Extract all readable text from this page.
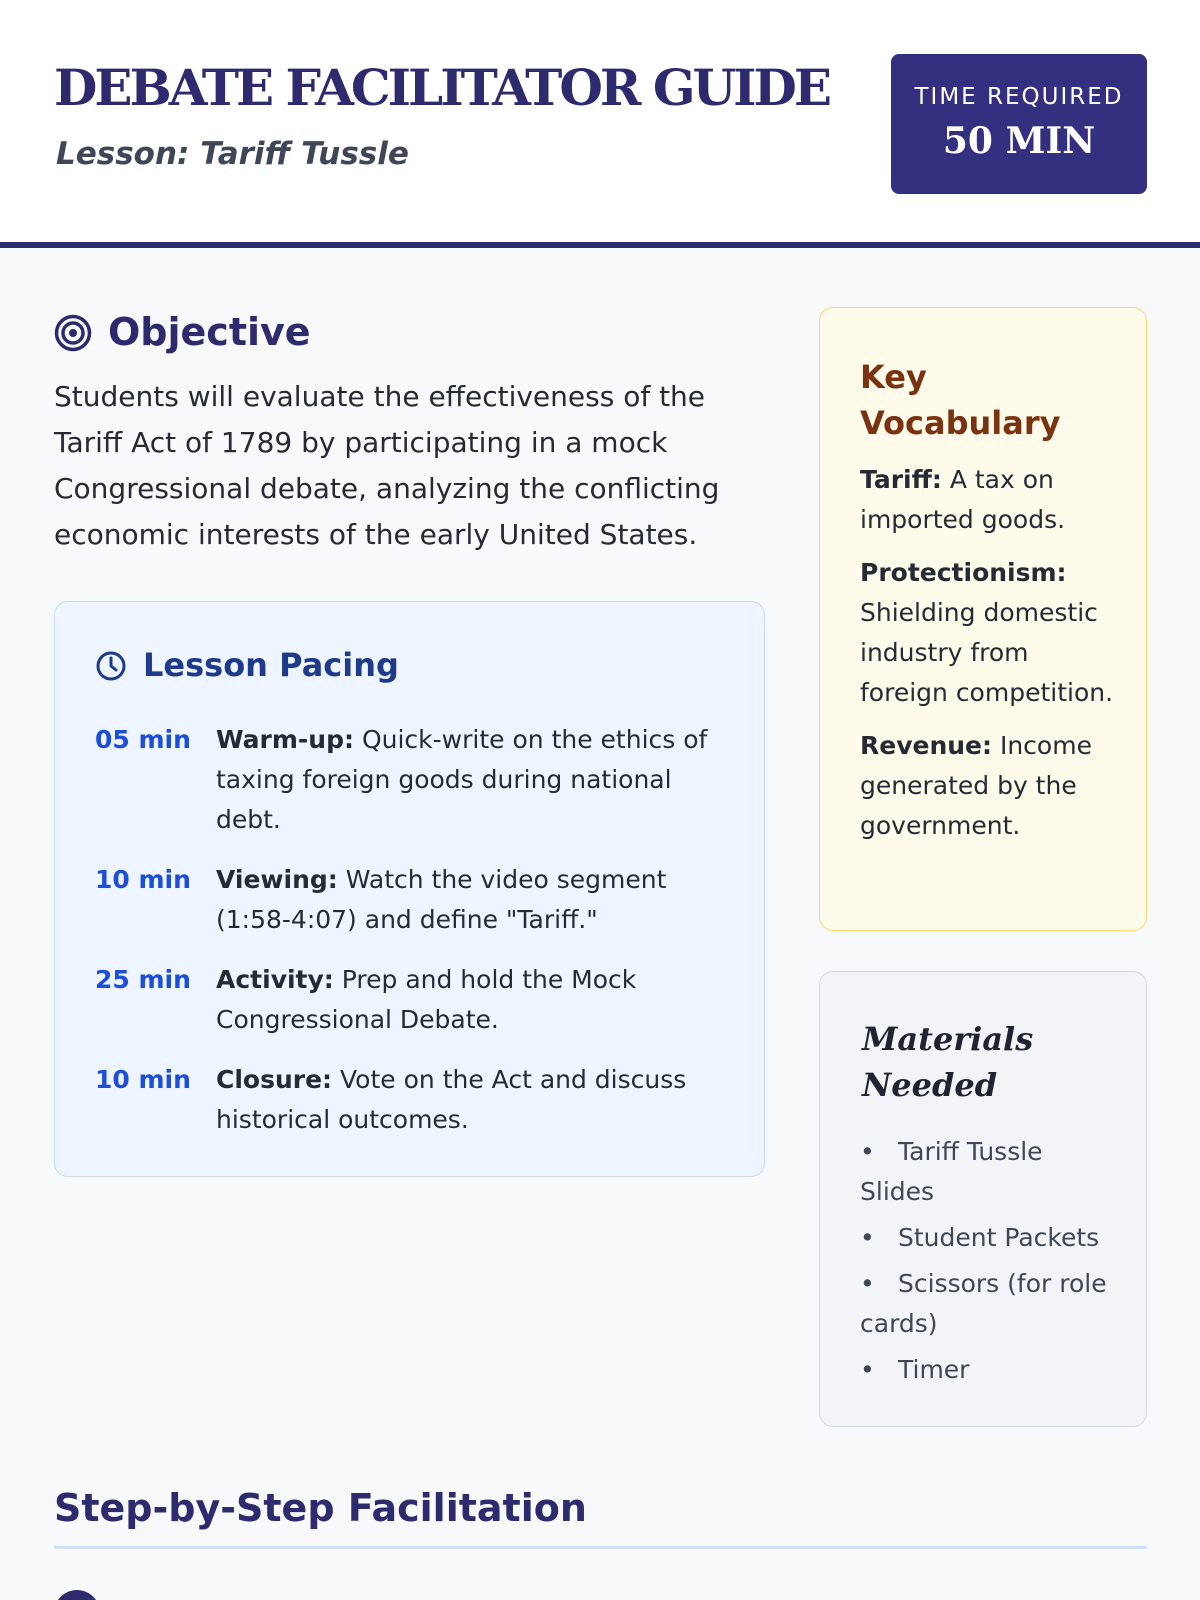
DEBATE FACILITATOR GUIDE
Lesson: Tariff Tussle
TIME REQUIRED
50 MIN
Objective

Students will evaluate the effectiveness of the Tariff Act of 1789 by participating in a mock Congressional debate, analyzing the conflicting economic interests of the early United States.

Lesson Pacing
05 min Warm-up: Quick-write on the ethics of taxing foreign goods during national debt.
10 min Viewing: Watch the video segment (1:58-4:07) and define "Tariff."
25 min Activity: Prep and hold the Mock Congressional Debate.
10 min Closure: Vote on the Act and discuss historical outcomes.
Key Vocabulary

Tariff: A tax on imported goods.

Protectionism: Shielding domestic industry from foreign competition.

Revenue: Income generated by the government.

Materials Needed
• Tariff Tussle Slides
• Student Packets
• Scissors (for role cards)
• Timer
Step-by-Step Facilitation
